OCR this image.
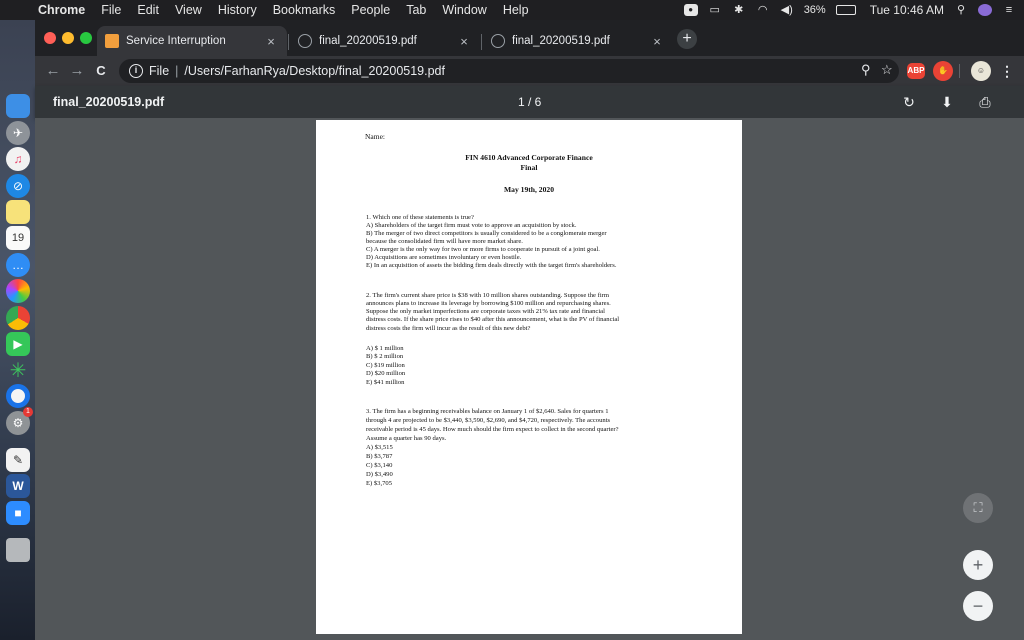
Chrome	File	Edit	View	History	Bookmarks	People	Tab	Window	Help	●	▭ ✱ ◠ ◀) 36%	Tue 10:46 AM ⚲	≡
✈
♫
⊘
19
…
▶
✳
⚙
1
✎
W
■
Service Interruption	×	final_20200519.pdf	×	final_20200519.pdf	×	+
← → C	i File | /Users/FarhanRya/Desktop/final_20200519.pdf	⚲ ☆ ABP	✋	☺	⋮
final_20200519.pdf	1 / 6	↻ ⬇	⎙
Name:
FIN 4610 Advanced Corporate Finance
Final
May 19th, 2020
1. Which one of these statements is true?
A) Shareholders of the target firm must vote to approve an acquisition by stock.
B) The merger of two direct competitors is usually considered to be a conglomerate merger
because the consolidated firm will have more market share.
C) A merger is the only way for two or more firms to cooperate in pursuit of a joint goal.
D) Acquisitions are sometimes involuntary or even hostile.
E) In an acquisition of assets the bidding firm deals directly with the target firm's shareholders.
2. The firm's current share price is $38 with 10 million shares outstanding. Suppose the firm
announces plans to increase its leverage by borrowing $100 million and repurchasing shares.
Suppose the only market imperfections are corporate taxes with 21% tax rate and financial
distress costs. If the share price rises to $40 after this announcement, what is the PV of financial
distress costs the firm will incur as the result of this new debt?
A) $ 1 million
B) $ 2 million
C) $19 million
D) $20 million
E) $41 million
3. The firm has a beginning receivables balance on January 1 of $2,640. Sales for quarters 1
through 4 are projected to be $3,440, $3,590, $2,690, and $4,720, respectively. The accounts
receivable period is 45 days. How much should the firm expect to collect in the second quarter?
Assume a quarter has 90 days.
A) $3,515
B) $3,787
C) $3,140
D) $3,490
E) $3,705
⛶
+
−
